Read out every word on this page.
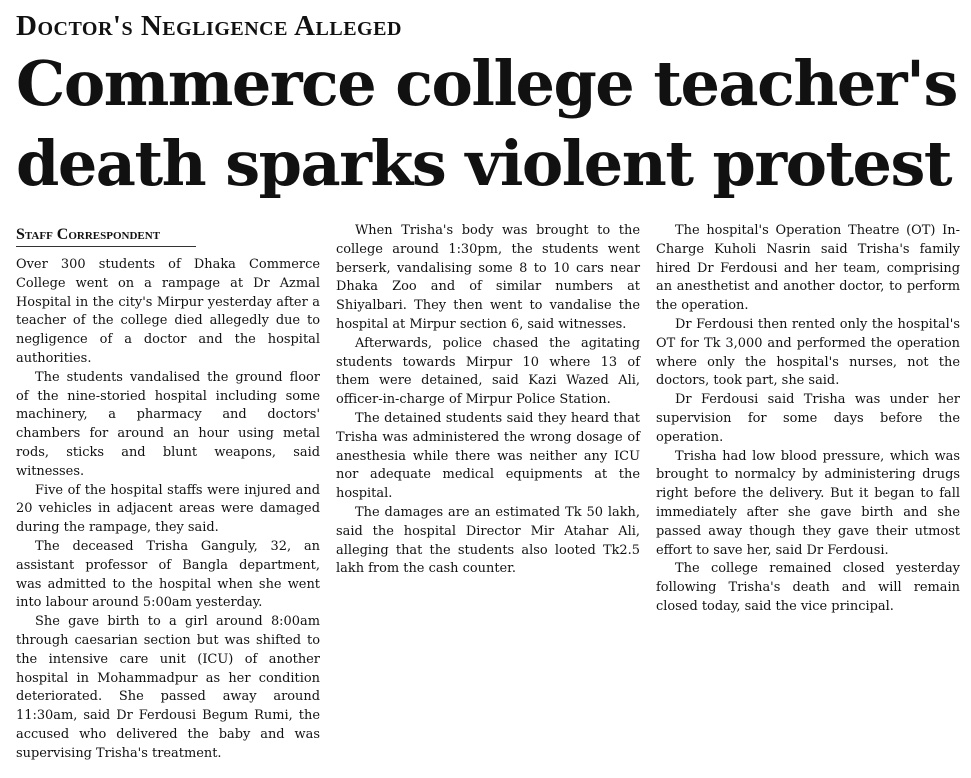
Doctor's Negligence Alleged
Commerce college teacher's
death sparks violent protest
Staff Correspondent

Over 300 students of Dhaka Commerce College went on a rampage at Dr Azmal Hospital in the city's Mirpur yesterday after a teacher of the college died allegedly due to negligence of a doctor and the hospital authorities.

The students vandalised the ground floor of the nine-storied hospital including some machinery, a pharmacy and doctors' chambers for around an hour using metal rods, sticks and blunt weapons, said witnesses.

Five of the hospital staffs were injured and 20 vehicles in adjacent areas were damaged during the rampage, they said.

The deceased Trisha Ganguly, 32, an assistant professor of Bangla department, was admitted to the hospital when she went into labour around 5:00am yesterday.

She gave birth to a girl around 8:00am through caesarian section but was shifted to the intensive care unit (ICU) of another hospital in Mohammadpur as her condition deteriorated. She passed away around 11:30am, said Dr Ferdousi Begum Rumi, the accused who delivered the baby and was supervising Trisha's treatment.

When Trisha's body was brought to the college around 1:30pm, the students went berserk, vandalising some 8 to 10 cars near Dhaka Zoo and of similar numbers at Shiyalbari. They then went to vandalise the hospital at Mirpur section 6, said witnesses.

Afterwards, police chased the agitating students towards Mirpur 10 where 13 of them were detained, said Kazi Wazed Ali, officer-in-charge of Mirpur Police Station.

The detained students said they heard that Trisha was administered the wrong dosage of anesthesia while there was neither any ICU nor adequate medical equipments at the hospital.

The damages are an estimated Tk 50 lakh, said the hospital Director Mir Atahar Ali, alleging that the students also looted Tk2.5 lakh from the cash counter.

The hospital's Operation Theatre (OT) In-Charge Kuholi Nasrin said Trisha's family hired Dr Ferdousi and her team, comprising an anesthetist and another doctor, to perform the operation.

Dr Ferdousi then rented only the hospital's OT for Tk 3,000 and performed the operation where only the hospital's nurses, not the doctors, took part, she said.

Dr Ferdousi said Trisha was under her supervision for some days before the operation.

Trisha had low blood pressure, which was brought to normalcy by administering drugs right before the delivery. But it began to fall immediately after she gave birth and she passed away though they gave their utmost effort to save her, said Dr Ferdousi.

The college remained closed yesterday following Trisha's death and will remain closed today, said the vice principal.
